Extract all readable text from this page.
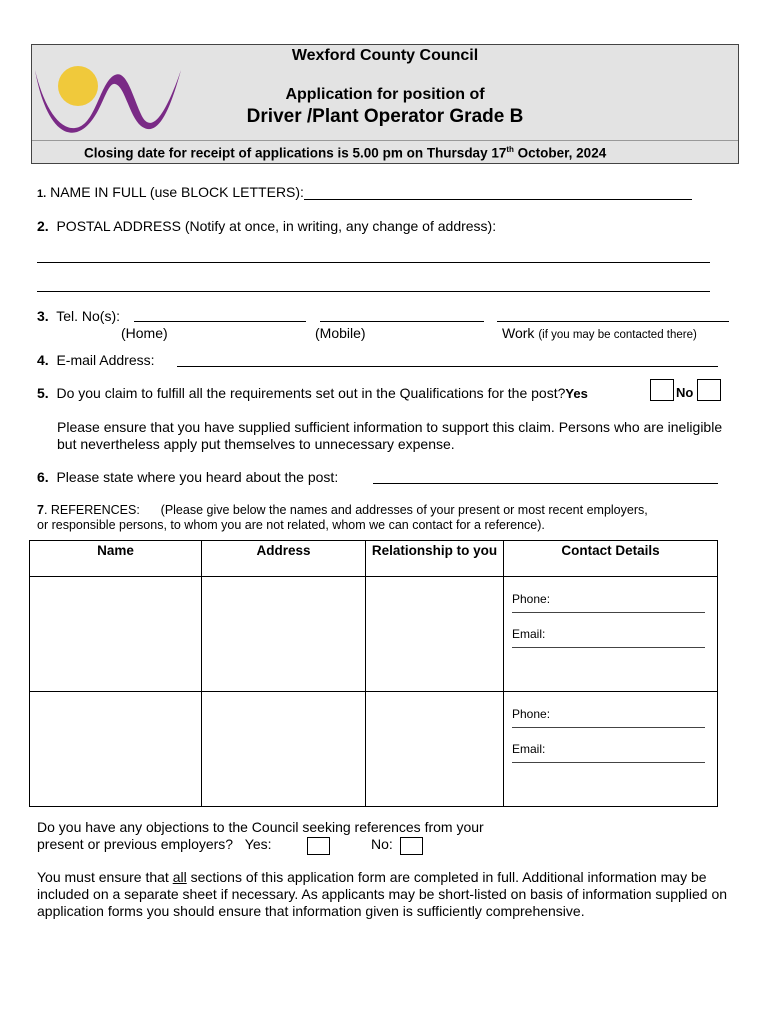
Wexford County Council
Application for position of
Driver /Plant Operator Grade B
Closing date for receipt of applications is 5.00 pm on Thursday 17th October, 2024
1. NAME IN FULL (use BLOCK LETTERS):
2. POSTAL ADDRESS (Notify at once, in writing, any change of address):
3. Tel. No(s):
(Home)	(Mobile)	Work (if you may be contacted there)
4. E-mail Address:
5. Do you claim to fulfill all the requirements set out in the Qualifications for the post?Yes	No
Please ensure that you have supplied sufficient information to support this claim. Persons who are ineligible but nevertheless apply put themselves to unnecessary expense.
6. Please state where you heard about the post:
7. REFERENCES: (Please give below the names and addresses of your present or most recent employers,
or responsible persons, to whom you are not related, whom we can contact for a reference).
Name	Address	Relationship to you	Contact Details

			Phone:
Email:

			Phone:
Email:
Do you have any objections to the Council seeking references from your
present or previous employers? Yes:	No:
You must ensure that all sections of this application form are completed in full. Additional information may be included on a separate sheet if necessary. As applicants may be short-listed on basis of information supplied on application forms you should ensure that information given is sufficiently comprehensive.
